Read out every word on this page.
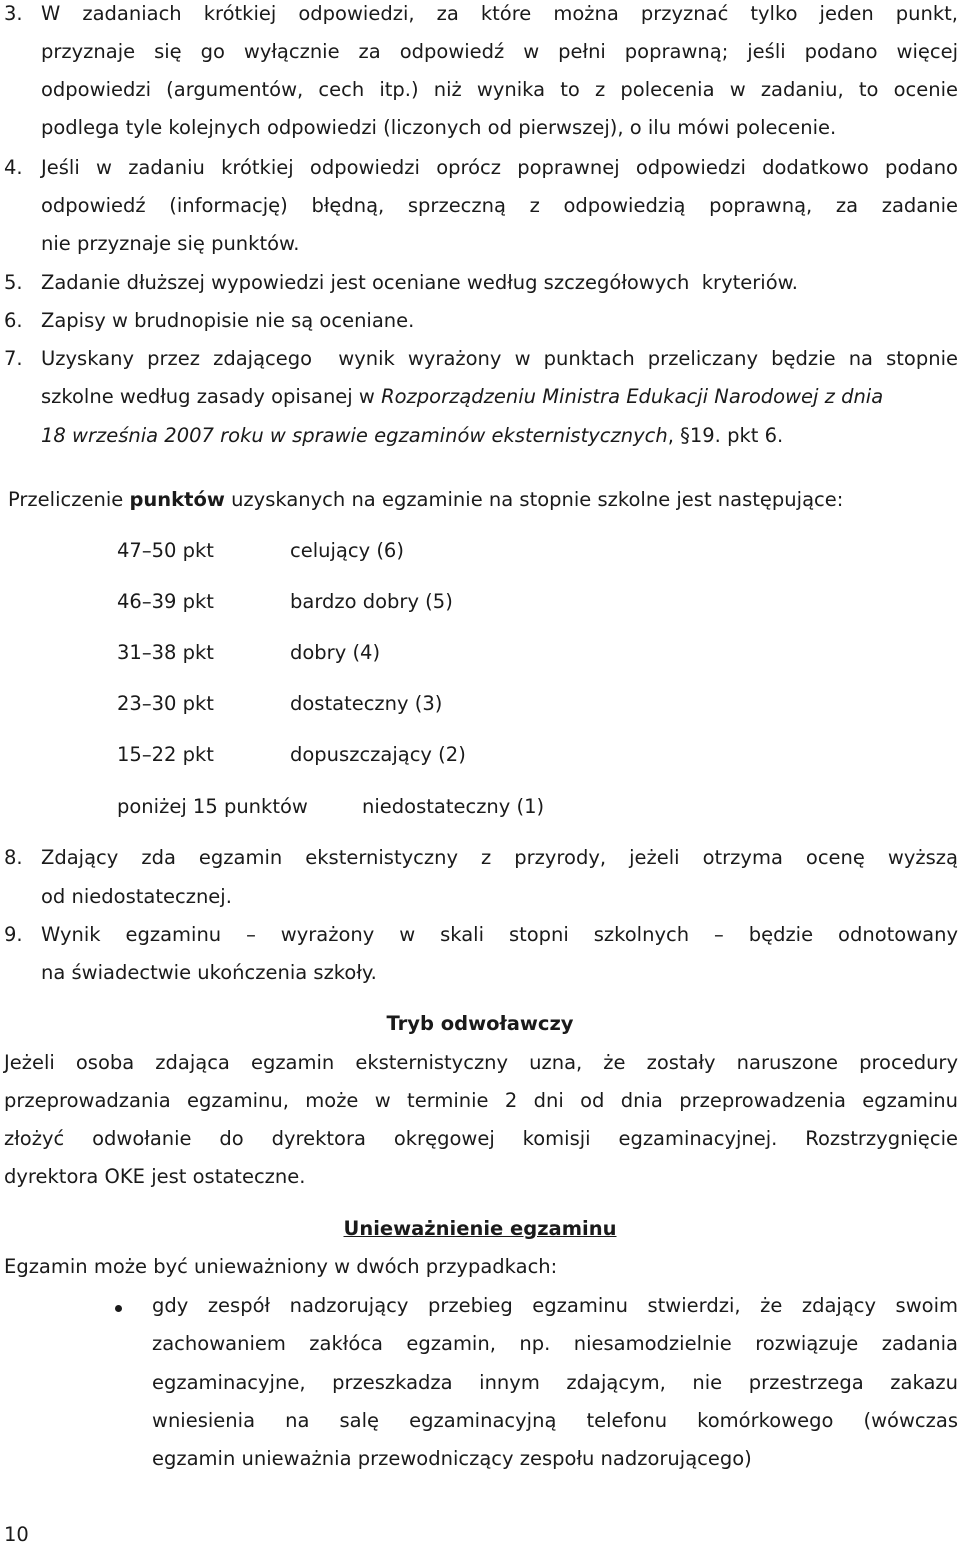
3. W zadaniach krótkiej odpowiedzi, za które można przyznać tylko jeden punkt,
przyznaje się go wyłącznie za odpowiedź w pełni poprawną; jeśli podano więcej
odpowiedzi (argumentów, cech itp.) niż wynika to z polecenia w zadaniu, to ocenie
podlega tyle kolejnych odpowiedzi (liczonych od pierwszej), o ilu mówi polecenie.
4. Jeśli w zadaniu krótkiej odpowiedzi oprócz poprawnej odpowiedzi dodatkowo podano
odpowiedź (informację) błędną, sprzeczną z odpowiedzią poprawną, za zadanie
nie przyznaje się punktów.
5. Zadanie dłuższej wypowiedzi jest oceniane według szczegółowych  kryteriów.
6. Zapisy w brudnopisie nie są oceniane.
7. Uzyskany przez zdającego  wynik wyrażony w punktach przeliczany będzie na stopnie
szkolne według zasady opisanej w Rozporządzeniu Ministra Edukacji Narodowej z dnia
18 września 2007 roku w sprawie egzaminów eksternistycznych, §19. pkt 6.
Przeliczenie punktów uzyskanych na egzaminie na stopnie szkolne jest następujące:
47–50 pkt	celujący (6)
46–39 pkt	bardzo dobry (5)
31–38 pkt	dobry (4)
23–30 pkt	dostateczny (3)
15–22 pkt	dopuszczający (2)
poniżej 15 punktów	niedostateczny (1)
8. Zdający zda egzamin eksternistyczny z przyrody, jeżeli otrzyma ocenę wyższą
od niedostatecznej.
9. Wynik egzaminu – wyrażony w skali stopni szkolnych – będzie odnotowany
na świadectwie ukończenia szkoły.
Tryb odwoławczy
Jeżeli osoba zdająca egzamin eksternistyczny uzna, że zostały naruszone procedury
przeprowadzania egzaminu, może w terminie 2 dni od dnia przeprowadzenia egzaminu
złożyć odwołanie do dyrektora okręgowej komisji egzaminacyjnej. Rozstrzygnięcie
dyrektora OKE jest ostateczne.
Unieważnienie egzaminu
Egzamin może być unieważniony w dwóch przypadkach:
gdy zespół nadzorujący przebieg egzaminu stwierdzi, że zdający swoim
zachowaniem zakłóca egzamin, np. niesamodzielnie rozwiązuje zadania
egzaminacyjne, przeszkadza innym zdającym, nie przestrzega zakazu
wniesienia na salę egzaminacyjną telefonu komórkowego (wówczas
egzamin unieważnia przewodniczący zespołu nadzorującego)
10
